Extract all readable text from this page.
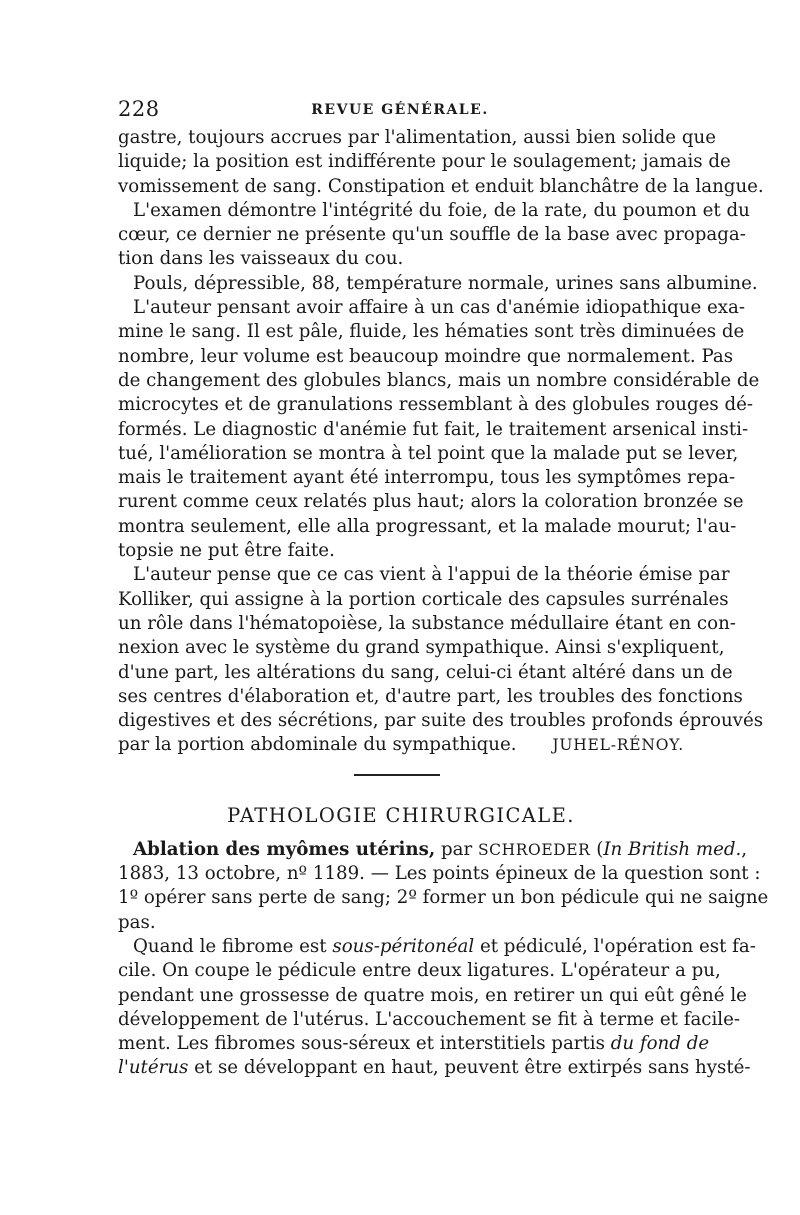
228	REVUE GÉNÉRALE.
gastre, toujours accrues par l'alimentation, aussi bien solide que
liquide; la position est indifférente pour le soulagement; jamais de
vomissement de sang. Constipation et enduit blanchâtre de la langue.
L'examen démontre l'intégrité du foie, de la rate, du poumon et du
cœur, ce dernier ne présente qu'un souffle de la base avec propaga-
tion dans les vaisseaux du cou.
Pouls, dépressible, 88, température normale, urines sans albumine.
L'auteur pensant avoir affaire à un cas d'anémie idiopathique exa-
mine le sang. Il est pâle, fluide, les hématies sont très diminuées de
nombre, leur volume est beaucoup moindre que normalement. Pas
de changement des globules blancs, mais un nombre considérable de
microcytes et de granulations ressemblant à des globules rouges dé-
formés. Le diagnostic d'anémie fut fait, le traitement arsenical insti-
tué, l'amélioration se montra à tel point que la malade put se lever,
mais le traitement ayant été interrompu, tous les symptômes repa-
rurent comme ceux relatés plus haut; alors la coloration bronzée se
montra seulement, elle alla progressant, et la malade mourut; l'au-
topsie ne put être faite.
L'auteur pense que ce cas vient à l'appui de la théorie émise par
Kolliker, qui assigne à la portion corticale des capsules surrénales
un rôle dans l'hématopoièse, la substance médullaire étant en con-
nexion avec le système du grand sympathique. Ainsi s'expliquent,
d'une part, les altérations du sang, celui-ci étant altéré dans un de
ses centres d'élaboration et, d'autre part, les troubles des fonctions
digestives et des sécrétions, par suite des troubles profonds éprouvés
par la portion abdominale du sympathique.	JUHEL-RÉNOY.
PATHOLOGIE CHIRURGICALE.
Ablation des myômes utérins, par SCHROEDER (In British med.,
1883, 13 octobre, nº 1189. — Les points épineux de la question sont :
1º opérer sans perte de sang; 2º former un bon pédicule qui ne saigne
pas.
Quand le fibrome est sous-péritonéal et pédiculé, l'opération est fa-
cile. On coupe le pédicule entre deux ligatures. L'opérateur a pu,
pendant une grossesse de quatre mois, en retirer un qui eût gêné le
développement de l'utérus. L'accouchement se fit à terme et facile-
ment. Les fibromes sous-séreux et interstitiels partis du fond de
l'utérus et se développant en haut, peuvent être extirpés sans hysté-
